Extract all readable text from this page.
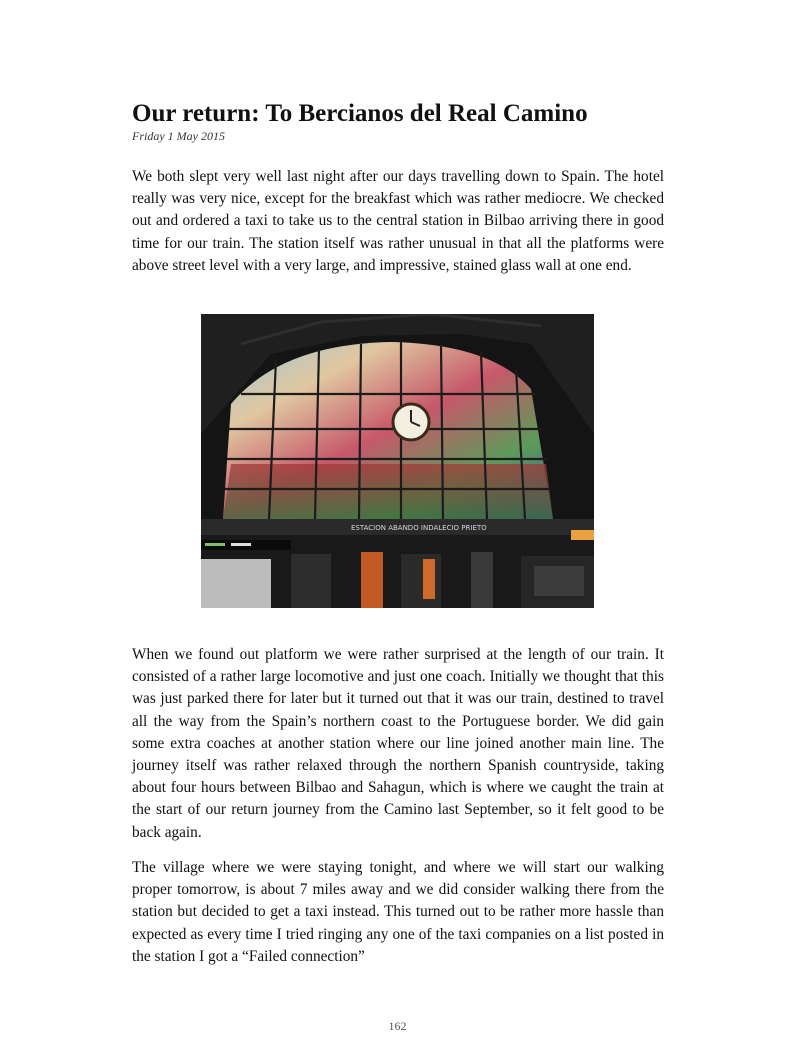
Our return: To Bercianos del Real Camino
Friday 1 May 2015

We both slept very well last night after our days travelling down to Spain. The hotel really was very nice, except for the breakfast which was rather mediocre. We checked out and ordered a taxi to take us to the central station in Bilbao arriving there in good time for our train. The station itself was rather unusual in that all the platforms were above street level with a very large, and impressive, stained glass wall at one end.

ESTACION ABANDO INDALECIO PRIETO

When we found out platform we were rather surprised at the length of our train. It consisted of a rather large locomotive and just one coach. Initially we thought that this was just parked there for later but it turned out that it was our train, destined to travel all the way from the Spain’s northern coast to the Portuguese border. We did gain some extra coaches at another station where our line joined another main line. The journey itself was rather relaxed through the northern Spanish countryside, taking about four hours between Bilbao and Sahagun, which is where we caught the train at the start of our return journey from the Camino last September, so it felt good to be back again.

The village where we were staying tonight, and where we will start our walking proper tomorrow, is about 7 miles away and we did consider walking there from the station but decided to get a taxi instead. This turned out to be rather more hassle than expected as every time I tried ringing any one of the taxi companies on a list posted in the station I got a “Failed connection”

162
